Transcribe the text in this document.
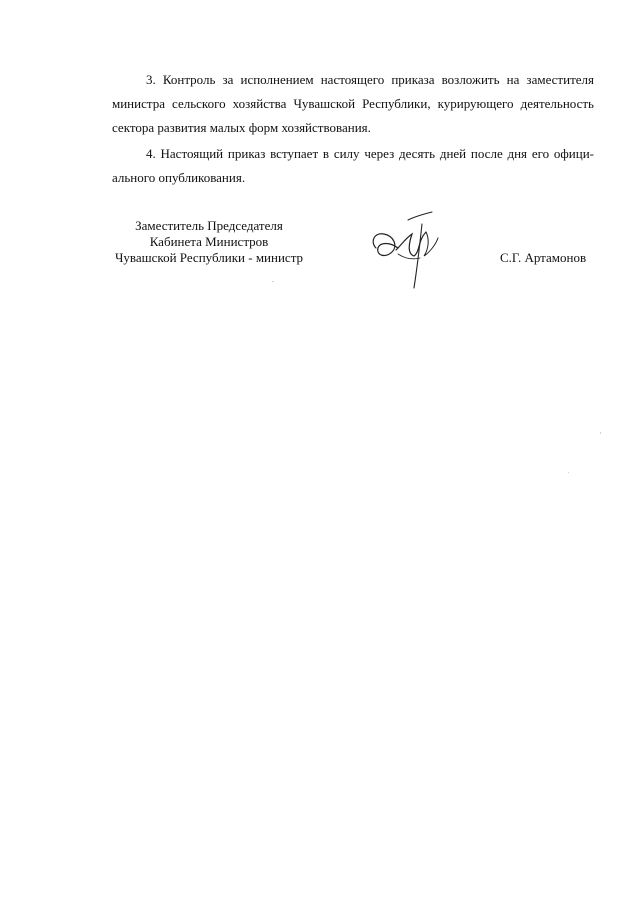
3. Контроль за исполнением настоящего приказа возложить на заместителя
министра сельского хозяйства Чувашской Республики, курирующего деятельность
сектора развития малых форм хозяйствования.
4. Настоящий приказ вступает в силу через десять дней после дня его офици-
ального опубликования.
Заместитель Председателя
Кабинета Министров
Чувашской Республики - министр	С.Г. Артамонов
